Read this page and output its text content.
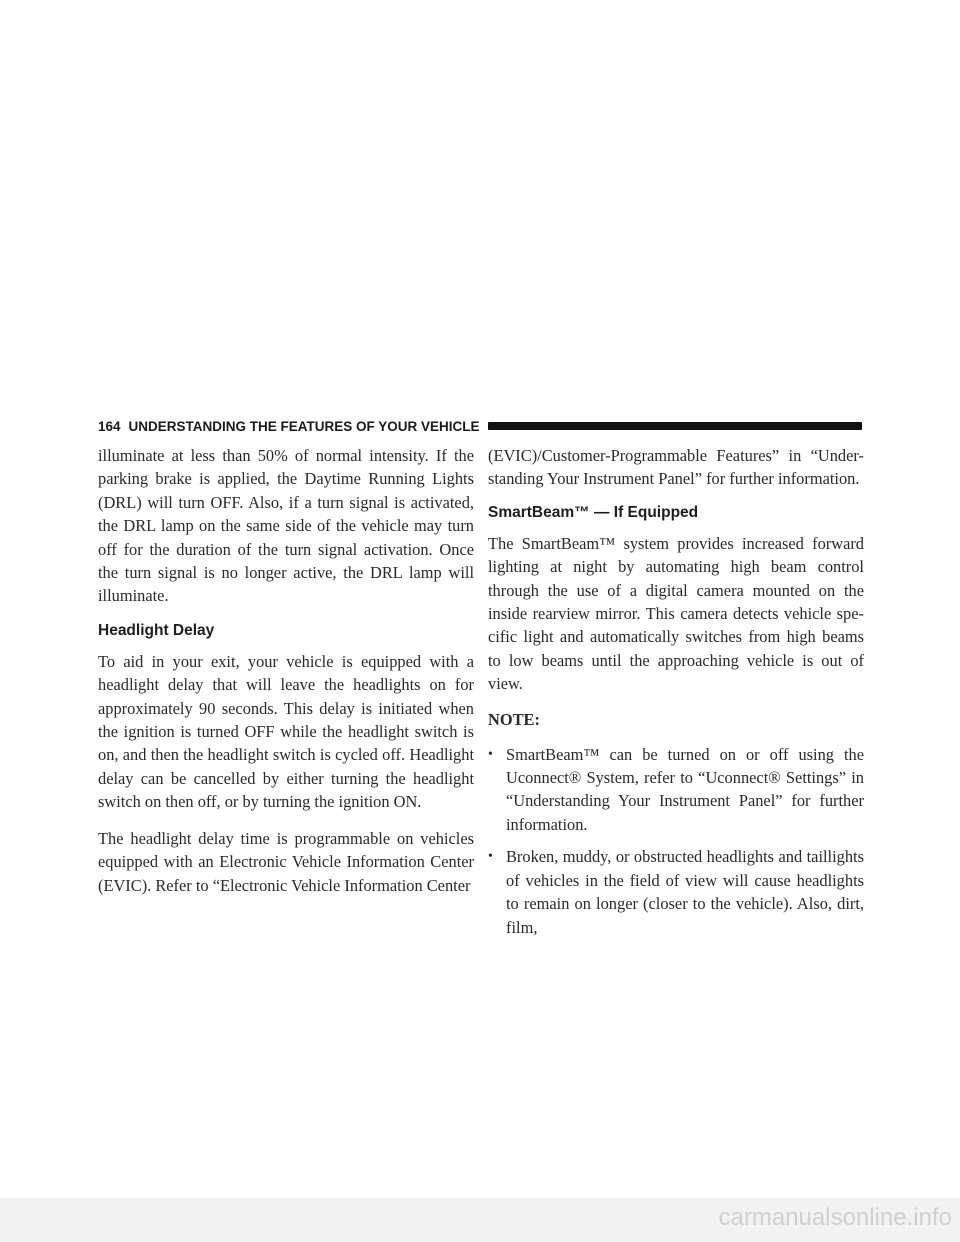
164 UNDERSTANDING THE FEATURES OF YOUR VEHICLE

illuminate at less than 50% of normal intensity. If the parking brake is applied, the Daytime Running Lights (DRL) will turn OFF. Also, if a turn signal is activated, the DRL lamp on the same side of the vehicle may turn off for the duration of the turn signal activation. Once the turn signal is no longer active, the DRL lamp will illuminate.

Headlight Delay

To aid in your exit, your vehicle is equipped with a headlight delay that will leave the headlights on for approximately 90 seconds. This delay is initiated when the ignition is turned OFF while the headlight switch is on, and then the headlight switch is cycled off. Headlight delay can be cancelled by either turning the headlight switch on then off, or by turning the ignition ON.

The headlight delay time is programmable on vehicles equipped with an Electronic Vehicle Information Center (EVIC). Refer to “Electronic Vehicle Information Center

(EVIC)/Customer-Programmable Features” in “Under-standing Your Instrument Panel” for further information.

SmartBeam™ — If Equipped

The SmartBeam™ system provides increased forward lighting at night by automating high beam control through the use of a digital camera mounted on the inside rearview mirror. This camera detects vehicle spe-cific light and automatically switches from high beams to low beams until the approaching vehicle is out of view.

NOTE:
• SmartBeam™ can be turned on or off using the Uconnect® System, refer to “Uconnect® Settings” in “Understanding Your Instrument Panel” for further information.
• Broken, muddy, or obstructed headlights and taillights of vehicles in the field of view will cause headlights to remain on longer (closer to the vehicle). Also, dirt, film,
carmanualsonline.info
